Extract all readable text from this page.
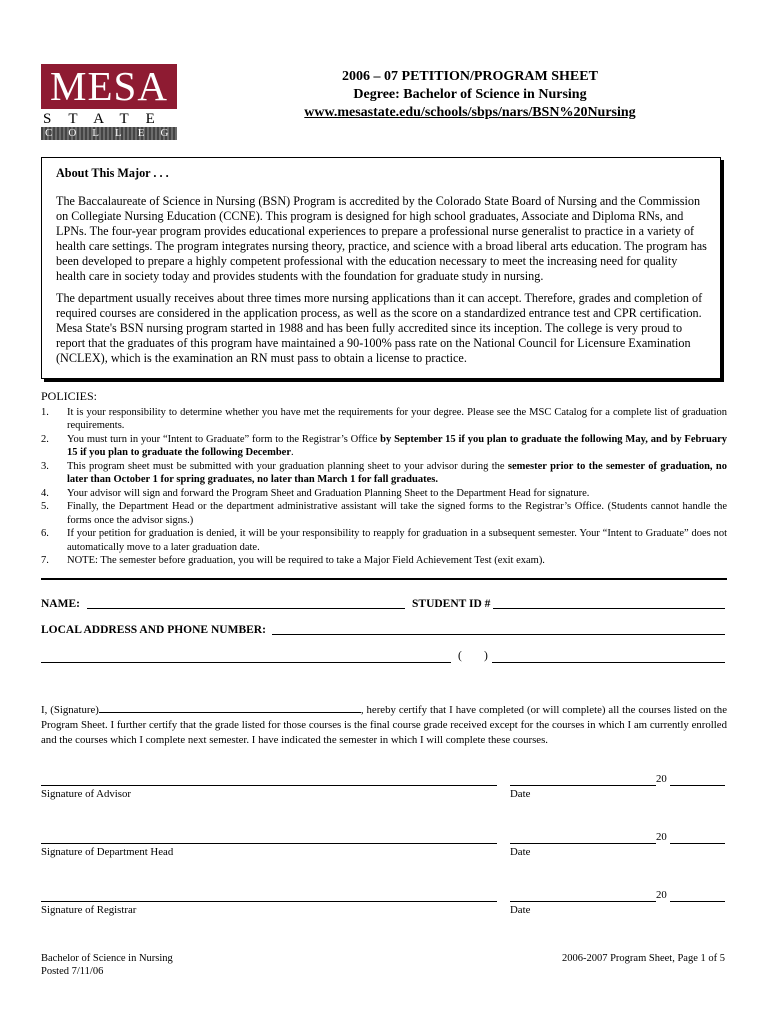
MESA
STATE
COLLEGE
2006 – 07 PETITION/PROGRAM SHEET
Degree: Bachelor of Science in Nursing
www.mesastate.edu/schools/sbps/nars/BSN%20Nursing
About This Major . . .

The Baccalaureate of Science in Nursing (BSN) Program is accredited by the Colorado State Board of Nursing and the Commission on Collegiate Nursing Education (CCNE). This program is designed for high school graduates, Associate and Diploma RNs, and LPNs. The four-year program provides educational experiences to prepare a professional nurse generalist to practice in a variety of health care settings. The program integrates nursing theory, practice, and science with a broad liberal arts education. The program has been developed to prepare a highly competent professional with the education necessary to meet the increasing need for quality health care in society today and provides students with the foundation for graduate study in nursing.

The department usually receives about three times more nursing applications than it can accept. Therefore, grades and completion of required courses are considered in the application process, as well as the score on a standardized entrance test and CPR certification. Mesa State's BSN nursing program started in 1988 and has been fully accredited since its inception. The college is very proud to report that the graduates of this program have maintained a 90-100% pass rate on the National Council for Licensure Examination (NCLEX), which is the examination an RN must pass to obtain a license to practice.

POLICIES:
1. It is your responsibility to determine whether you have met the requirements for your degree. Please see the MSC Catalog for a complete list of graduation requirements.
2. You must turn in your “Intent to Graduate” form to the Registrar’s Office by September 15 if you plan to graduate the following May, and by February 15 if you plan to graduate the following December.
3. This program sheet must be submitted with your graduation planning sheet to your advisor during the semester prior to the semester of graduation, no later than October 1 for spring graduates, no later than March 1 for fall graduates.
4. Your advisor will sign and forward the Program Sheet and Graduation Planning Sheet to the Department Head for signature.
5. Finally, the Department Head or the department administrative assistant will take the signed forms to the Registrar’s Office. (Students cannot handle the forms once the advisor signs.)
6. If your petition for graduation is denied, it will be your responsibility to reapply for graduation in a subsequent semester. Your “Intent to Graduate” does not automatically move to a later graduation date.
7. NOTE: The semester before graduation, you will be required to take a Major Field Achievement Test (exit exam).
NAME:	STUDENT ID #
LOCAL ADDRESS AND PHONE NUMBER:
( )
I, (Signature)	, hereby certify that I have completed (or will complete) all the courses listed on the Program Sheet. I further certify that the grade listed for those courses is the final course grade received except for the courses in which I am currently enrolled and the courses which I complete next semester. I have indicated the semester in which I will complete these courses.
20
Signature of Advisor	Date
20
Signature of Department Head	Date
20
Signature of Registrar	Date
Bachelor of Science in Nursing
Posted 7/11/06
2006-2007 Program Sheet, Page 1 of 5
